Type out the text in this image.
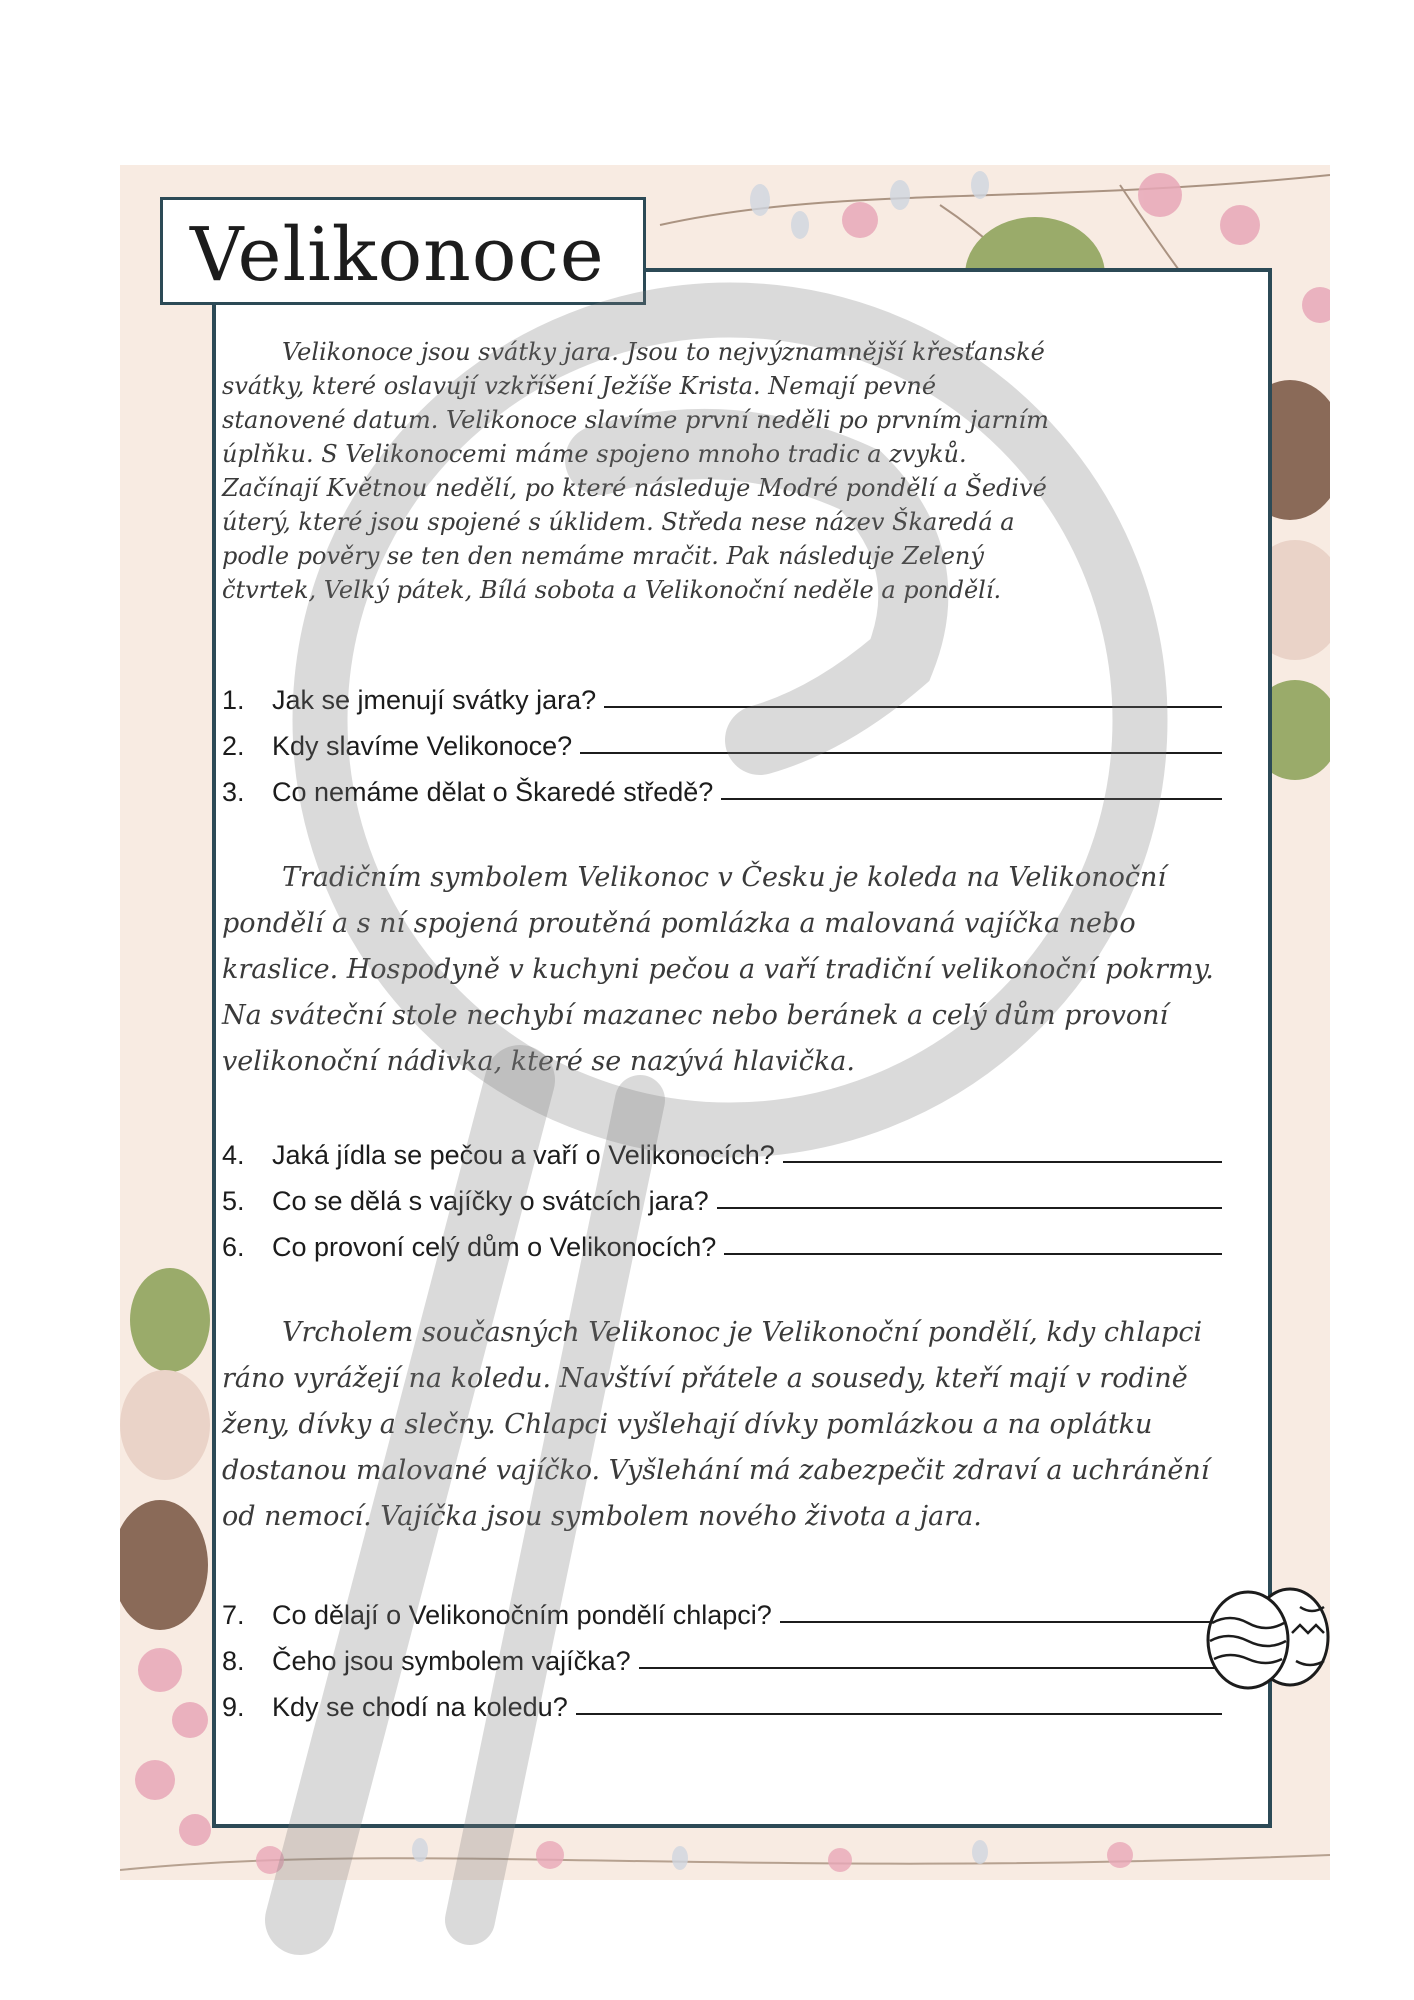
Velikonoce

Velikonoce jsou svátky jara. Jsou to nejvýznamnější křesťanské svátky, které oslavují vzkříšení Ježíše Krista. Nemají pevné stanovené datum. Velikonoce slavíme první neděli po prvním jarním úplňku. S Velikonocemi máme spojeno mnoho tradic a zvyků. Začínají Květnou nedělí, po které následuje Modré pondělí a Šedivé úterý, které jsou spojené s úklidem. Středa nese název Škaredá a podle pověry se ten den nemáme mračit. Pak následuje Zelený čtvrtek, Velký pátek, Bílá sobota a Velikonoční neděle a pondělí.

1.	Jak se jmenují svátky jara?
2.	Kdy slavíme Velikonoce?
3.	Co nemáme dělat o Škaredé středě?

Tradičním symbolem Velikonoc v Česku je koleda na Velikonoční pondělí a s ní spojená proutěná pomlázka a malovaná vajíčka nebo kraslice. Hospodyně v kuchyni pečou a vaří tradiční velikonoční pokrmy. Na sváteční stole nechybí mazanec nebo beránek a celý dům provoní velikonoční nádivka, které se nazývá hlavička.

4.	Jaká jídla se pečou a vaří o Velikonocích?
5.	Co se dělá s vajíčky o svátcích jara?
6.	Co provoní celý dům o Velikonocích?

Vrcholem současných Velikonoc je Velikonoční pondělí, kdy chlapci ráno vyrážejí na koledu. Navštíví přátele a sousedy, kteří mají v rodině ženy, dívky a slečny. Chlapci vyšlehají dívky pomlázkou a na oplátku dostanou malované vajíčko. Vyšlehání má zabezpečit zdraví a uchránění od nemocí. Vajíčka jsou symbolem nového života a jara.

7.	Co dělají o Velikonočním pondělí chlapci?
8.	Čeho jsou symbolem vajíčka?
9.	Kdy se chodí na koledu?
